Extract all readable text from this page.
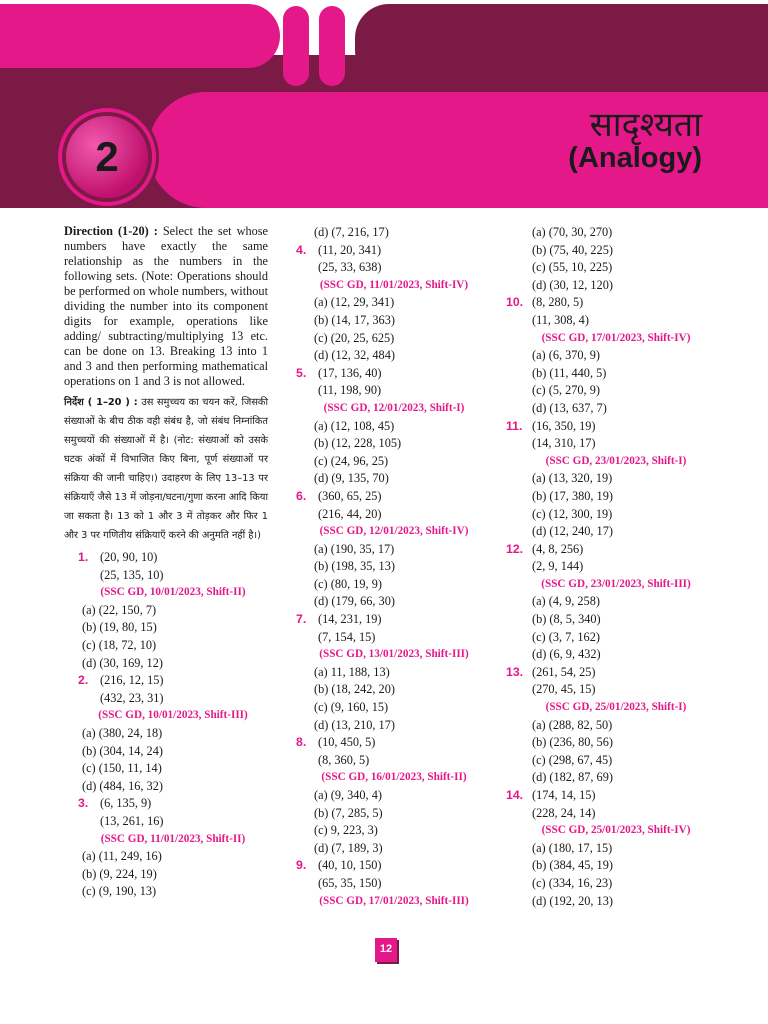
2
सादृश्यता
(Analogy)

Direction (1-20) : Select the set whose numbers have exactly the same relationship as the numbers in the following sets. (Note: Operations should be performed on whole numbers, without dividing the number into its component digits for example, operations like adding/ subtracting/multiplying 13 etc. can be done on 13. Breaking 13 into 1 and 3 and then performing mathematical operations on 1 and 3 is not allowed.

निर्देश ( 1–20 ) : उस समुच्चय का चयन करें, जिसकी संख्याओं के बीच ठीक वही संबंध है, जो संबंध निम्नांकित समुच्चयों की संख्याओं में है। (नोट: संख्याओं को उसके घटक अंकों में विभाजित किए बिना, पूर्ण संख्याओं पर संक्रिया की जानी चाहिए।) उदाहरण के लिए 13–13 पर संक्रियाएँ जैसे 13 में जोड़ना/घटना/गुणा करना आदि किया जा सकता है। 13 को 1 और 3 में तोड़कर और फिर 1 और 3 पर गणितीय संक्रियाएँ करने की अनुमति नहीं है।)

1. (20, 90, 10)
(25, 135, 10)
(SSC GD, 10/01/2023, Shift-II)
(a) (22, 150, 7)
(b) (19, 80, 15)
(c) (18, 72, 10)
(d) (30, 169, 12)
2. (216, 12, 15)
(432, 23, 31)
(SSC GD, 10/01/2023, Shift-III)
(a) (380, 24, 18)
(b) (304, 14, 24)
(c) (150, 11, 14)
(d) (484, 16, 32)
3. (6, 135, 9)
(13, 261, 16)
(SSC GD, 11/01/2023, Shift-II)
(a) (11, 249, 16)
(b) (9, 224, 19)
(c) (9, 190, 13)
(d) (7, 216, 17)
4. (11, 20, 341)
(25, 33, 638)
(SSC GD, 11/01/2023, Shift-IV)
(a) (12, 29, 341)
(b) (14, 17, 363)
(c) (20, 25, 625)
(d) (12, 32, 484)
5. (17, 136, 40)
(11, 198, 90)
(SSC GD, 12/01/2023, Shift-I)
(a) (12, 108, 45)
(b) (12, 228, 105)
(c) (24, 96, 25)
(d) (9, 135, 70)
6. (360, 65, 25)
(216, 44, 20)
(SSC GD, 12/01/2023, Shift-IV)
(a) (190, 35, 17)
(b) (198, 35, 13)
(c) (80, 19, 9)
(d) (179, 66, 30)
7. (14, 231, 19)
(7, 154, 15)
(SSC GD, 13/01/2023, Shift-III)
(a) 11, 188, 13)
(b) (18, 242, 20)
(c) (9, 160, 15)
(d) (13, 210, 17)
8. (10, 450, 5)
(8, 360, 5)
(SSC GD, 16/01/2023, Shift-II)
(a) (9, 340, 4)
(b) (7, 285, 5)
(c) 9, 223, 3)
(d) (7, 189, 3)
9. (40, 10, 150)
(65, 35, 150)
(SSC GD, 17/01/2023, Shift-III)
(a) (70, 30, 270)
(b) (75, 40, 225)
(c) (55, 10, 225)
(d) (30, 12, 120)
10. (8, 280, 5)
(11, 308, 4)
(SSC GD, 17/01/2023, Shift-IV)
(a) (6, 370, 9)
(b) (11, 440, 5)
(c) (5, 270, 9)
(d) (13, 637, 7)
11. (16, 350, 19)
(14, 310, 17)
(SSC GD, 23/01/2023, Shift-I)
(a) (13, 320, 19)
(b) (17, 380, 19)
(c) (12, 300, 19)
(d) (12, 240, 17)
12. (4, 8, 256)
(2, 9, 144)
(SSC GD, 23/01/2023, Shift-III)
(a) (4, 9, 258)
(b) (8, 5, 340)
(c) (3, 7, 162)
(d) (6, 9, 432)
13. (261, 54, 25)
(270, 45, 15)
(SSC GD, 25/01/2023, Shift-I)
(a) (288, 82, 50)
(b) (236, 80, 56)
(c) (298, 67, 45)
(d) (182, 87, 69)
14. (174, 14, 15)
(228, 24, 14)
(SSC GD, 25/01/2023, Shift-IV)
(a) (180, 17, 15)
(b) (384, 45, 19)
(c) (334, 16, 23)
(d) (192, 20, 13)
12
